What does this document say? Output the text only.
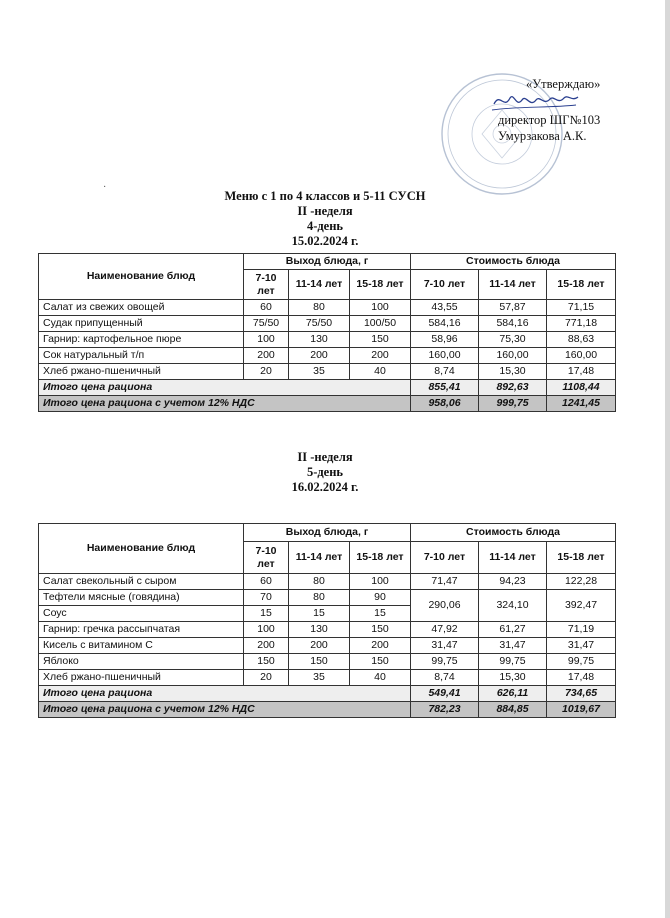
«Утверждаю»
директор ШГ№103
Умурзакова А.К.
·
Меню с 1 по 4 классов и 5-11 СУСН
II -неделя
4-день
15.02.2024 г.
Наименование блюд	Выход блюда, г			Стоимость блюда		
	7-10 лет	11-14 лет	15-18 лет	7-10 лет	11-14 лет	15-18 лет
Салат из свежих овощей	60	80	100	43,55	57,87	71,15
Судак припущенный	75/50	75/50	100/50	584,16	584,16	771,18
Гарнир: картофельное пюре	100	130	150	58,96	75,30	88,63
Сок натуральный т/п	200	200	200	160,00	160,00	160,00
Хлеб ржано-пшеничный	20	35	40	8,74	15,30	17,48
Итого цена рациона				855,41	892,63	1108,44
Итого цена рациона с учетом 12% НДС				958,06	999,75	1241,45
II -неделя
5-день
16.02.2024 г.
Наименование блюд	Выход блюда, г			Стоимость блюда		
	7-10 лет	11-14 лет	15-18 лет	7-10 лет	11-14 лет	15-18 лет
Салат свекольный с сыром	60	80	100	71,47	94,23	122,28
Тефтели мясные (говядина)	70	80	90	290,06	324,10	392,47
Соус	15	15	15			
Гарнир: гречка рассыпчатая	100	130	150	47,92	61,27	71,19
Кисель с витамином С	200	200	200	31,47	31,47	31,47
Яблоко	150	150	150	99,75	99,75	99,75
Хлеб ржано-пшеничный	20	35	40	8,74	15,30	17,48
Итого цена рациона				549,41	626,11	734,65
Итого цена рациона с учетом 12% НДС				782,23	884,85	1019,67
